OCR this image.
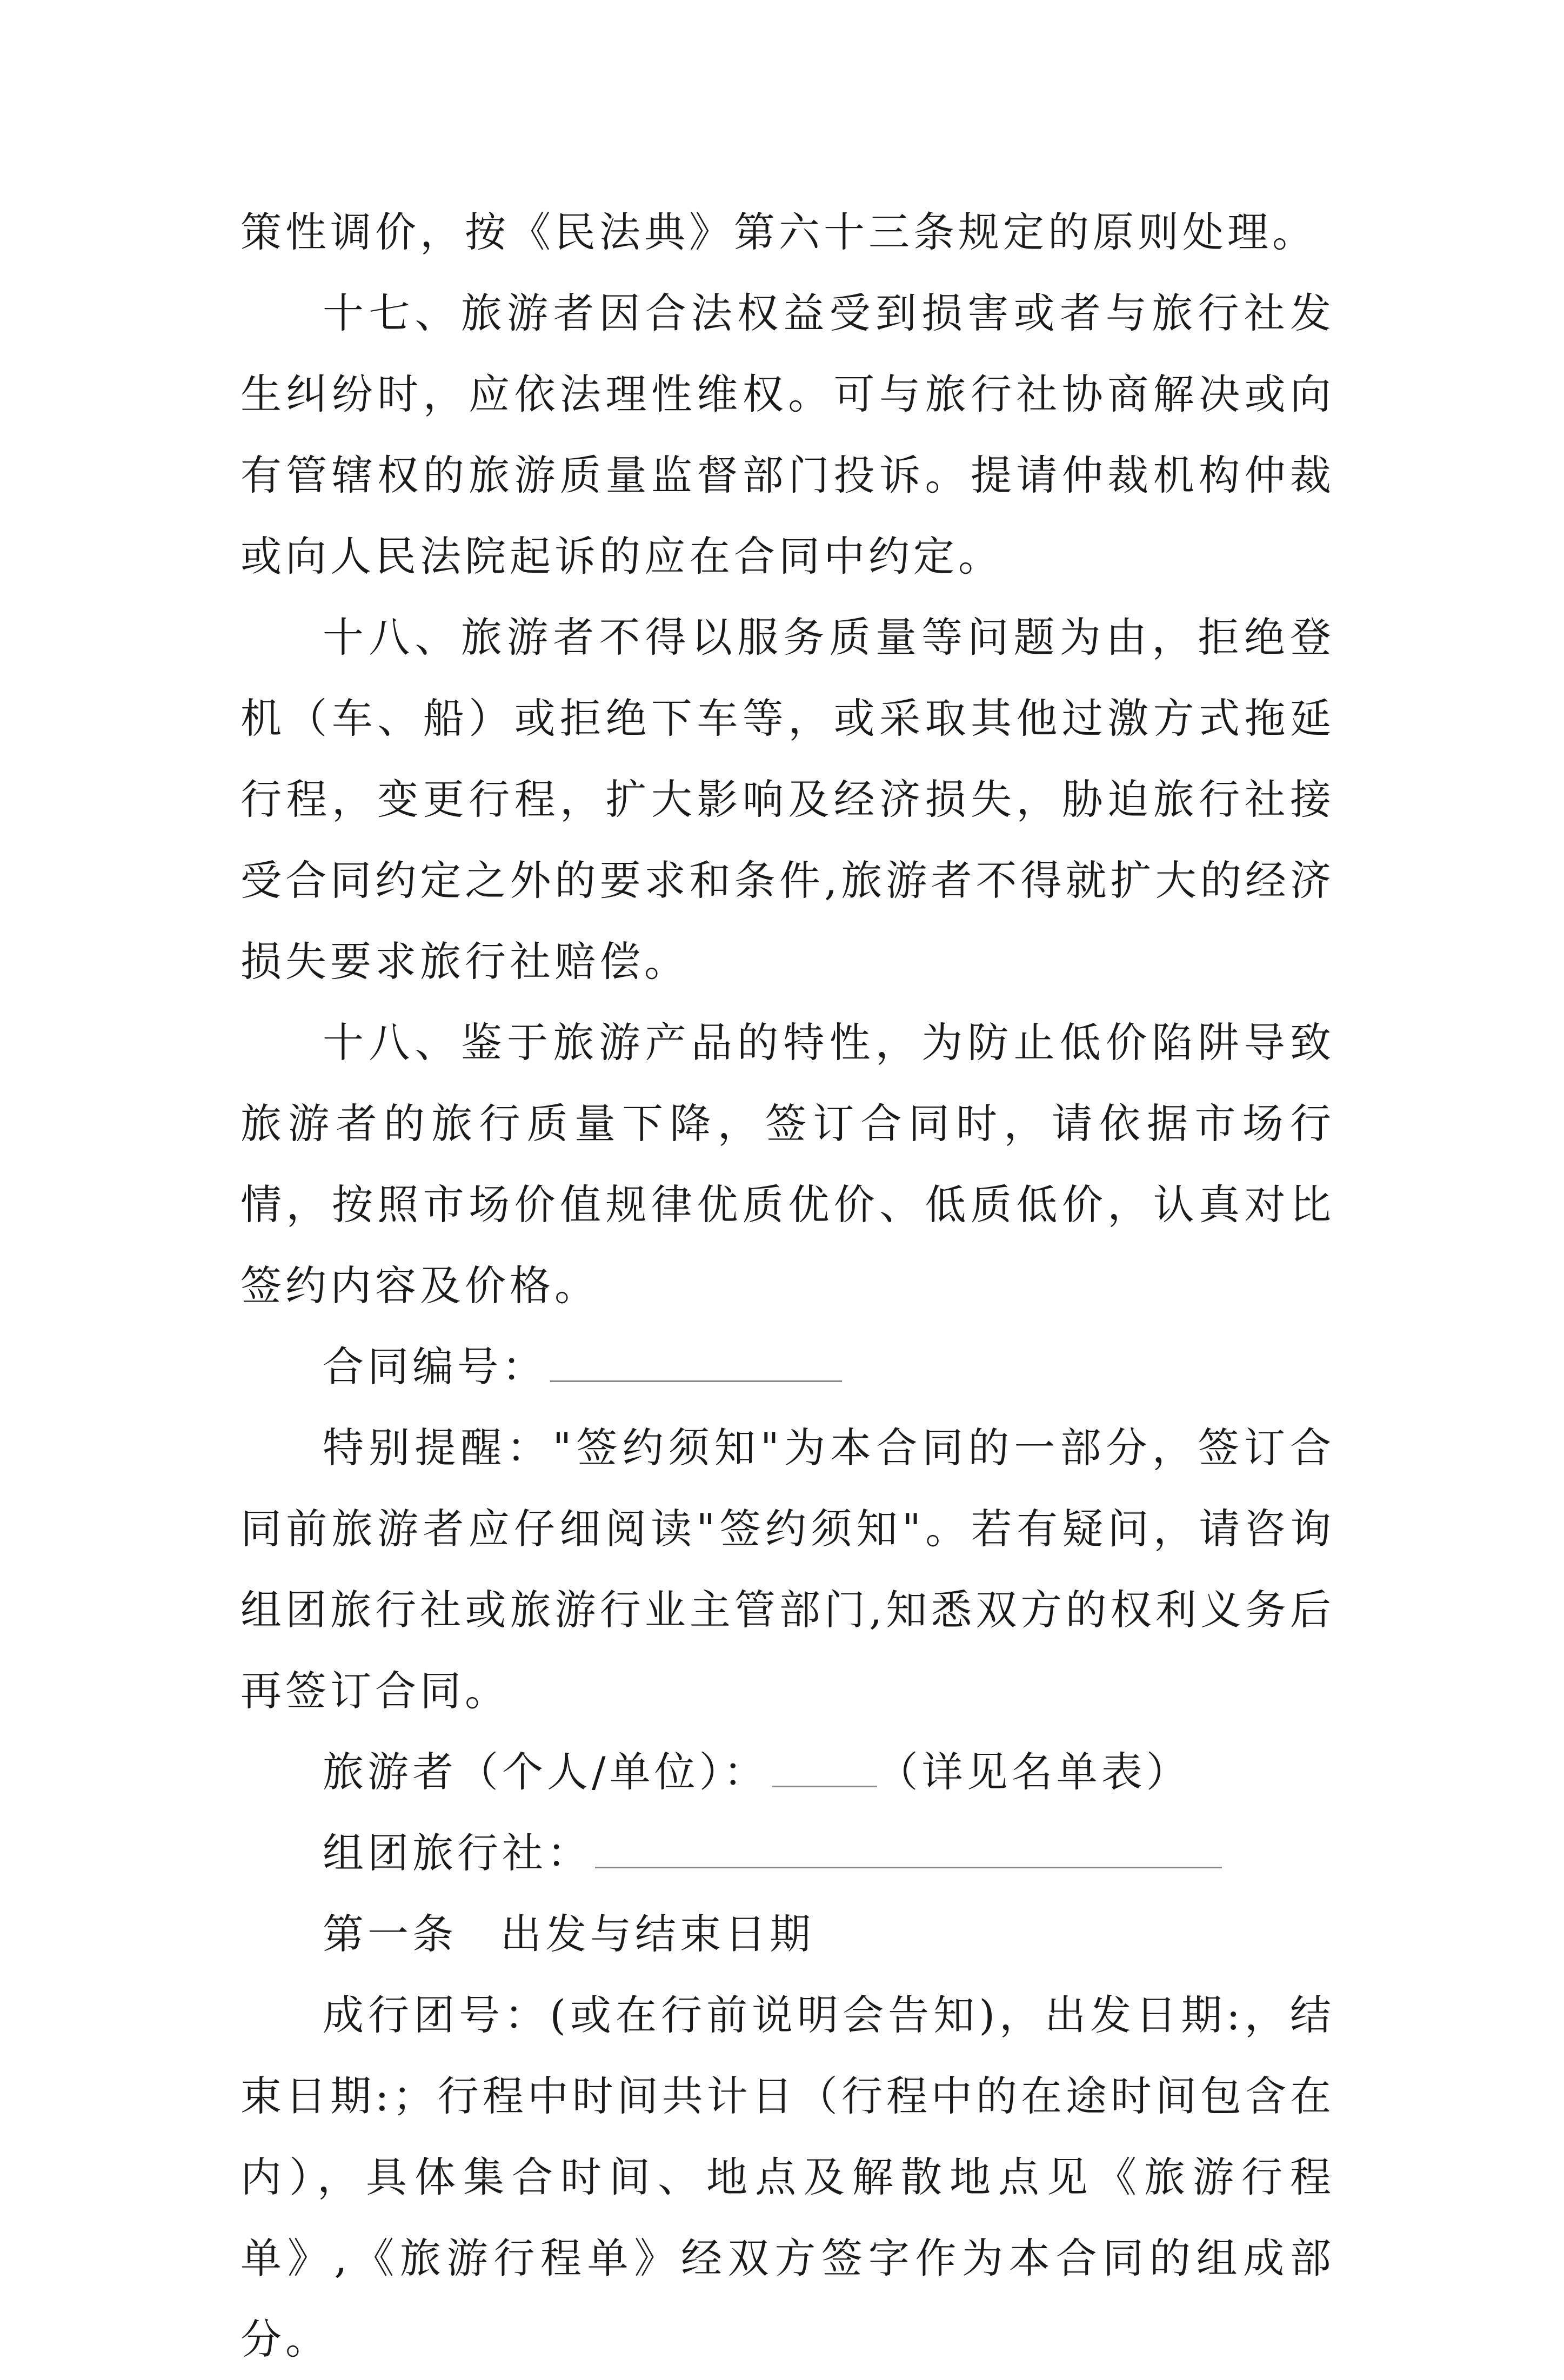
策性调价，按《民法典》第六十三条规定的原则处理。

十七、旅游者因合法权益受到损害或者与旅行社发生纠纷时，应依法理性维权。可与旅行社协商解决或向有管辖权的旅游质量监督部门投诉。提请仲裁机构仲裁或向人民法院起诉的应在合同中约定。

十八、旅游者不得以服务质量等问题为由，拒绝登机（车、船）或拒绝下车等，或采取其他过激方式拖延行程，变更行程，扩大影响及经济损失，胁迫旅行社接受合同约定之外的要求和条件,旅游者不得就扩大的经济损失要求旅行社赔偿。

十八、鉴于旅游产品的特性，为防止低价陷阱导致旅游者的旅行质量下降，签订合同时，请依据市场行情，按照市场价值规律优质优价、低质低价，认真对比签约内容及价格。

合同编号：

特别提醒："签约须知"为本合同的一部分，签订合同前旅游者应仔细阅读"签约须知"。若有疑问，请咨询组团旅行社或旅游行业主管部门,知悉双方的权利义务后再签订合同。

旅游者（个人/单位）：	（详见名单表）

组团旅行社：

第一条 出发与结束日期

成行团号：(或在行前说明会告知)，出发日期:，结束日期:；行程中时间共计日（行程中的在途时间包含在内），具体集合时间、地点及解散地点见《旅游行程单》,《旅游行程单》经双方签字作为本合同的组成部分。
